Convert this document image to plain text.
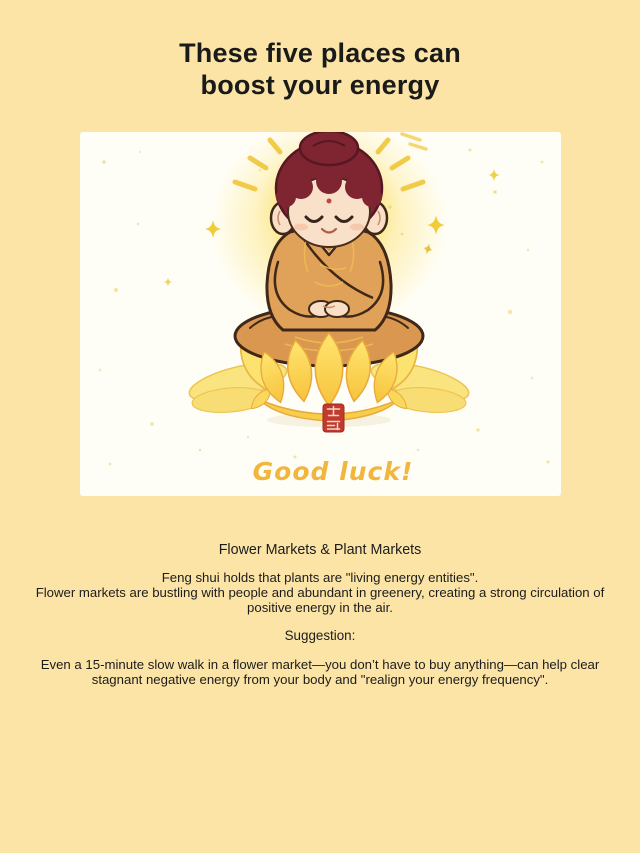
These five places can
boost your energy
Good luck!
Flower Markets & Plant Markets

Feng shui holds that plants are "living energy entities".
Flower markets are bustling with people and abundant in greenery, creating a strong circulation of positive energy in the air.

Suggestion:

Even a 15-minute slow walk in a flower market—you don’t have to buy anything—can help clear stagnant negative energy from your body and "realign your energy frequency".
